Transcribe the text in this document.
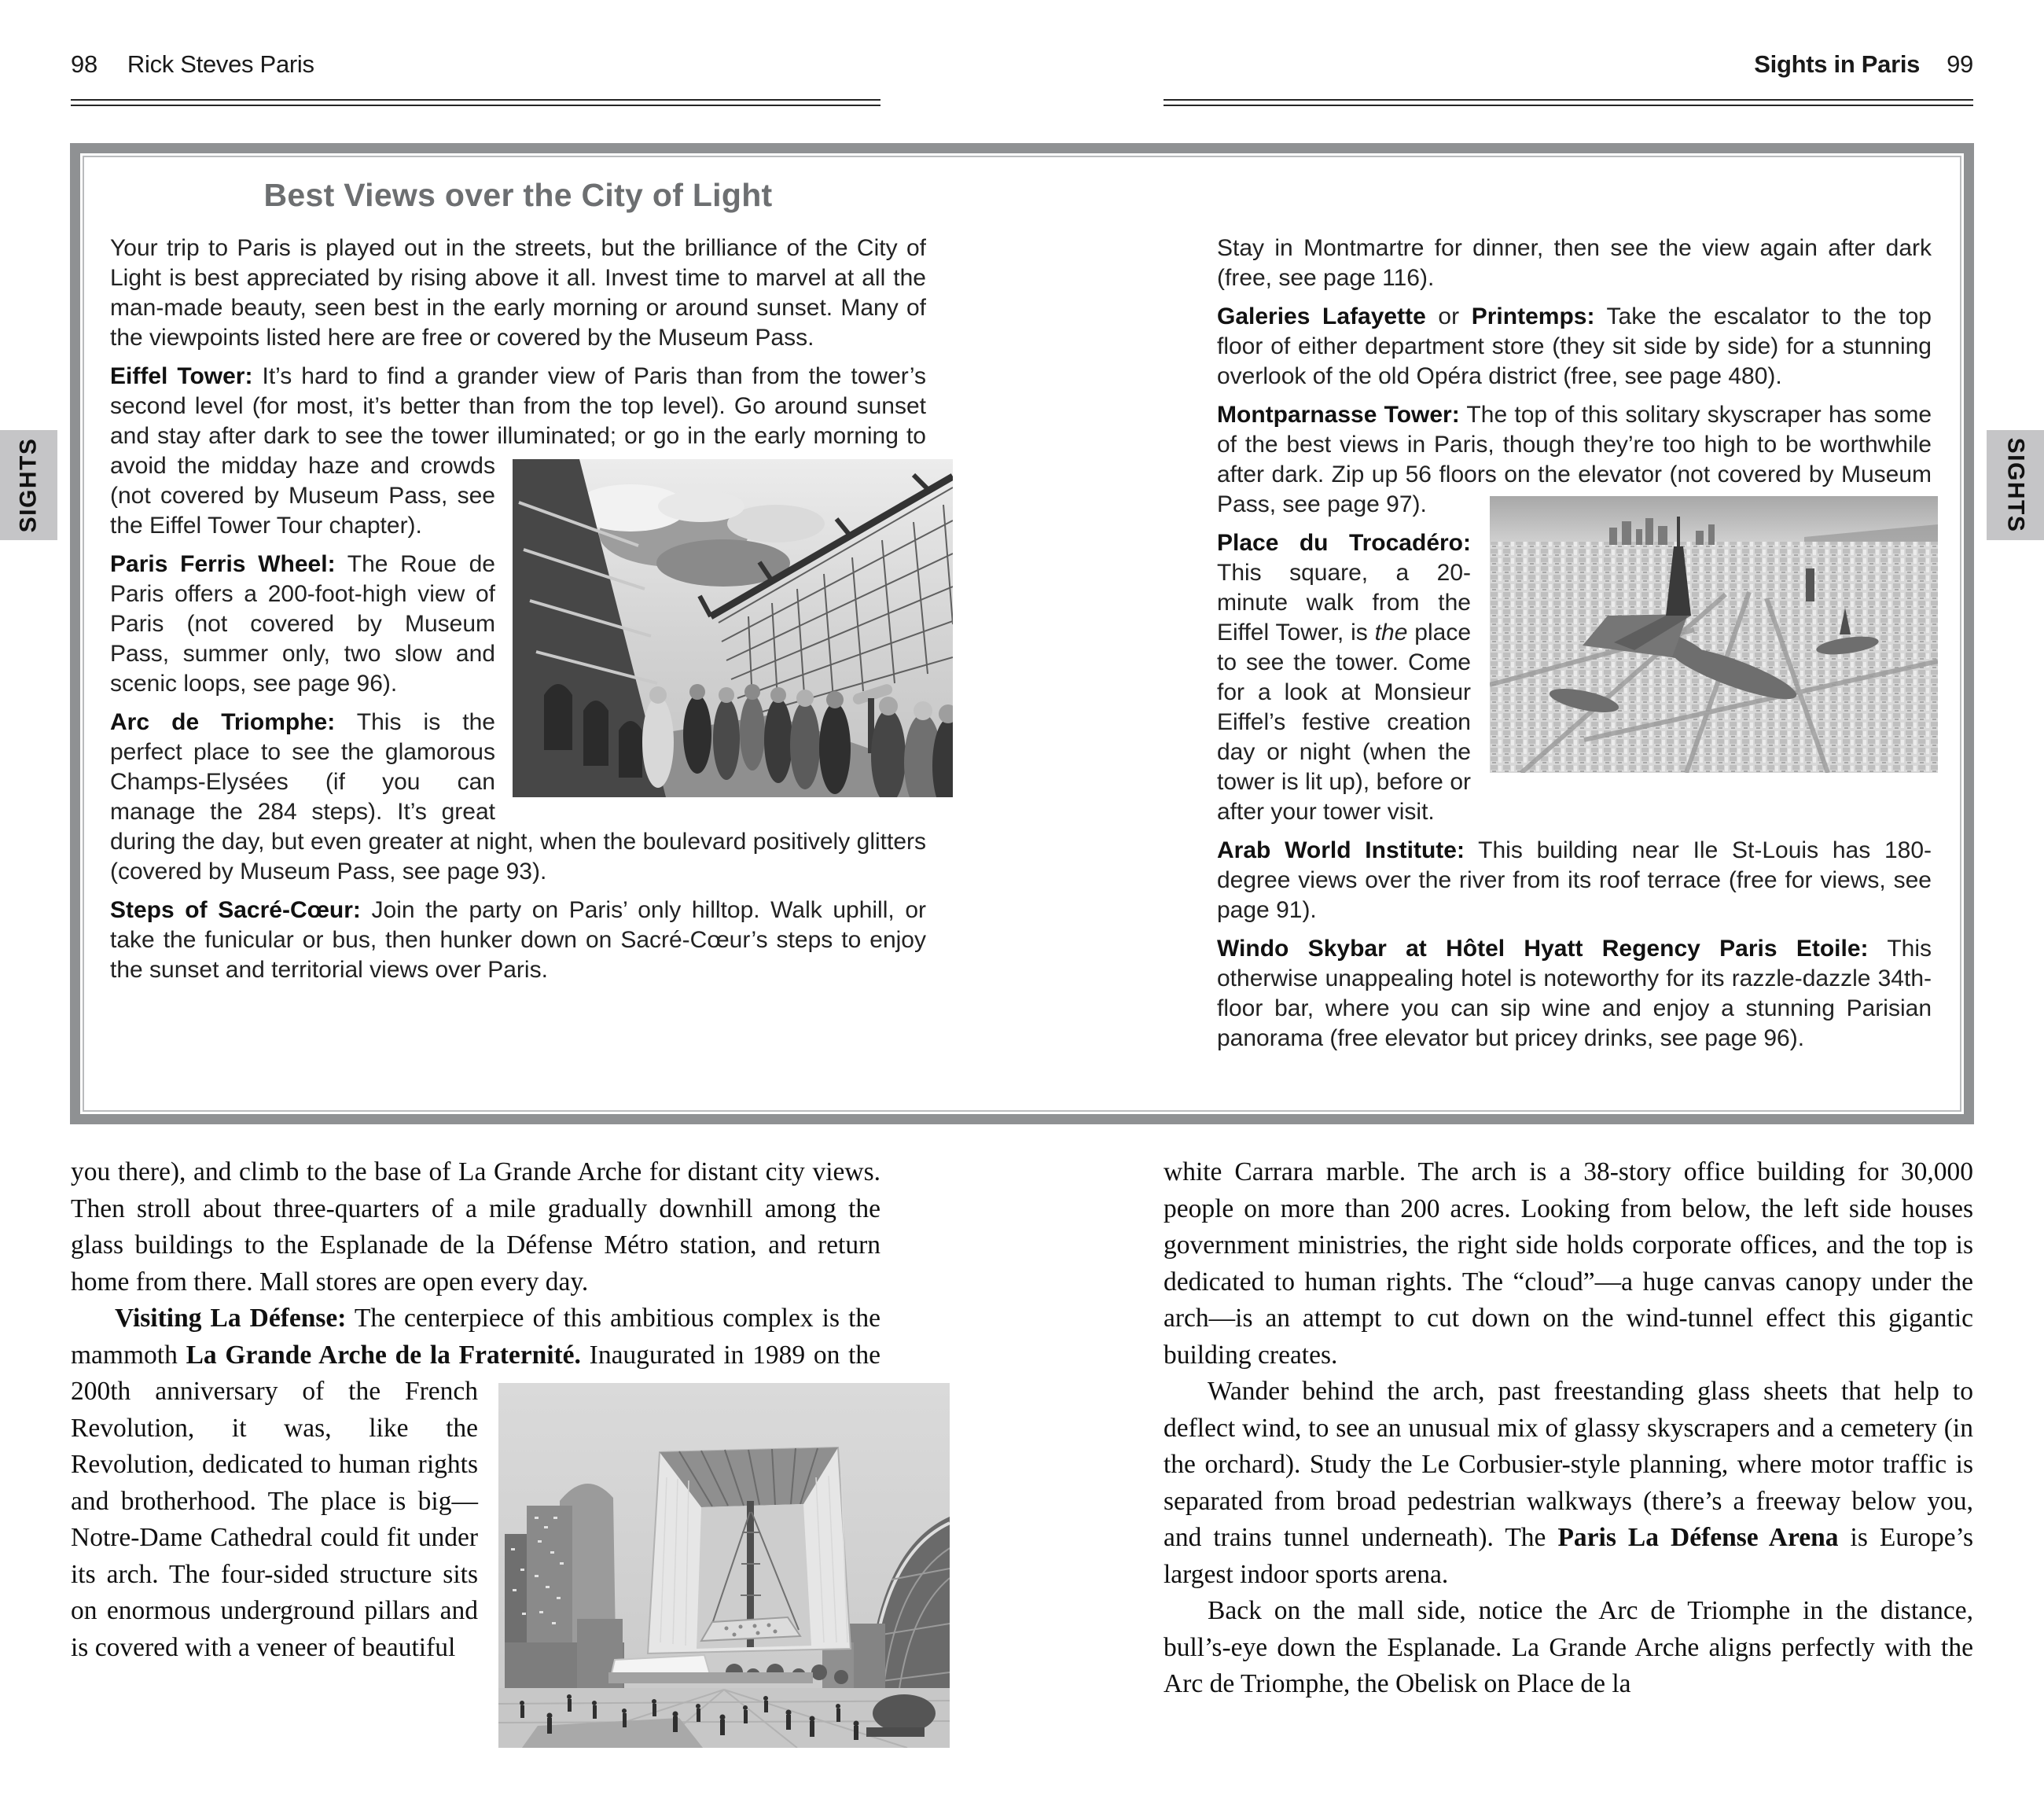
98 Rick Steves Paris	Sights in Paris 99
SIGHTS	SIGHTS
Best Views over the City of Light

Your trip to Paris is played out in the streets, but the brilliance of the City of Light is best appreciated by rising above it all. Invest time to marvel at all the man-made beauty, seen best in the early morning or around sunset. Many of the viewpoints listed here are free or covered by the Museum Pass.

Eiffel Tower: It’s hard to find a grander view of Paris than from the tower’s second level (for most, it’s better than from the top level). Go around sunset and stay after dark to see the tower illuminated;
or go in the early morning to avoid the midday haze and crowds (not covered by Museum Pass, see the Eiffel Tower Tour chapter).

Paris Ferris Wheel: The Roue de Paris offers a 200-foot-high view of Paris (not covered by Museum Pass, summer only, two slow and scenic loops, see page 96).

Arc de Triomphe: This is the perfect place to see the glamorous Champs-Elysées (if you can manage the 284 steps). It’s great during the day, but even greater at night, when the boulevard positively glitters (covered by Museum Pass, see page 93).

Steps of Sacré-Cœur: Join the party on Paris’ only hilltop. Walk uphill, or take the funicular or bus, then hunker down on Sacré-Cœur’s steps to enjoy the sunset and territorial views over Paris.

Stay in Montmartre for dinner, then see the view again after dark (free, see page 116).

Galeries Lafayette or Printemps: Take the escalator to the top floor of either department store (they sit side by side) for a stunning overlook of the old Opéra district (free, see page 480).

Montparnasse Tower: The top of this solitary skyscraper has some of the best views in Paris, though they’re too high to be worthwhile after dark. Zip up 56 floors on the elevator
(not covered by Museum Pass, see page 97).

Place du Trocadéro: This square, a 20-minute walk from the Eiffel Tower, is the place to see the tower. Come for a look at Monsieur Eiffel’s festive creation day or night (when the tower is lit up), before or after your tower visit.

Arab World Institute: This building near Ile St-Louis has 180-degree views over the river from its roof terrace (free for views, see page 91).

Windo Skybar at Hôtel Hyatt Regency Paris Etoile: This otherwise unappealing hotel is noteworthy for its razzle-dazzle 34th-floor bar, where you can sip wine and enjoy a stunning Parisian panorama (free elevator but pricey drinks, see page 96).

you there), and climb to the base of La Grande Arche for distant city views. Then stroll about three-quarters of a mile gradually downhill among the glass buildings to the Esplanade de la Défense Métro station, and return home from there. Mall stores are open every day.

Visiting La Défense: The centerpiece of this ambitious complex is the mammoth La Grande Arche de la Fraternité. Inaugurated
in 1989 on the 200th anniversary of the French Revolution, it was, like the Revolution, dedicated to human rights and brotherhood. The place is big—Notre-Dame Cathedral could fit under its arch. The four-sided structure sits on enormous underground pillars and is covered with a veneer of beautiful

white Carrara marble. The arch is a 38-story office building for 30,000 people on more than 200 acres. Looking from below, the left side houses government ministries, the right side holds corporate offices, and the top is dedicated to human rights. The “cloud”—a huge canvas canopy under the arch—is an attempt to cut down on the wind-tunnel effect this gigantic building creates.

Wander behind the arch, past freestanding glass sheets that help to deflect wind, to see an unusual mix of glassy skyscrapers and a cemetery (in the orchard). Study the Le Corbusier-style planning, where motor traffic is separated from broad pedestrian walkways (there’s a freeway below you, and trains tunnel underneath). The Paris La Défense Arena is Europe’s largest indoor sports arena.

Back on the mall side, notice the Arc de Triomphe in the distance, bull’s-eye down the Esplanade. La Grande Arche aligns perfectly with the Arc de Triomphe, the Obelisk on Place de la
